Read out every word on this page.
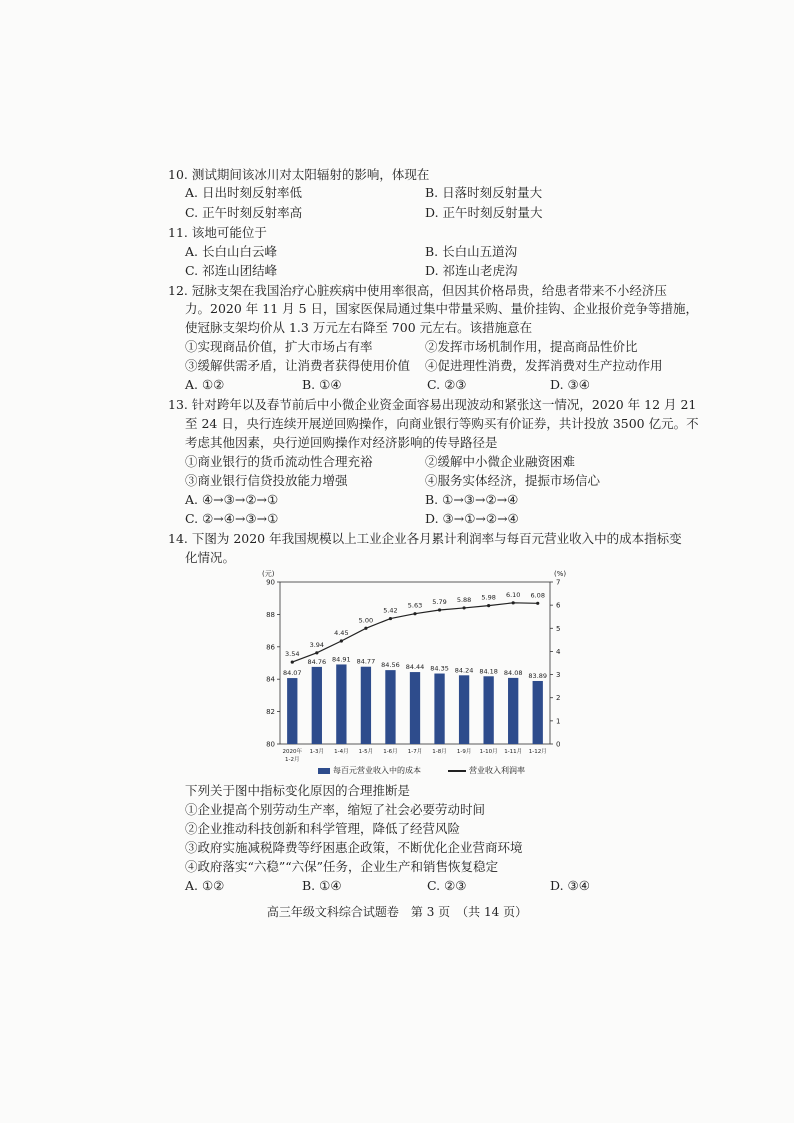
10. 测试期间该冰川对太阳辐射的影响，体现在
A. 日出时刻反射率低	B. 日落时刻反射量大
C. 正午时刻反射率高	D. 正午时刻反射量大
11. 该地可能位于
A. 长白山白云峰	B. 长白山五道沟
C. 祁连山团结峰	D. 祁连山老虎沟
12. 冠脉支架在我国治疗心脏疾病中使用率很高，但因其价格昂贵，给患者带来不小经济压
力。2020 年 11 月 5 日，国家医保局通过集中带量采购、量价挂钩、企业报价竞争等措施，
使冠脉支架均价从 1.3 万元左右降至 700 元左右。该措施意在
①实现商品价值，扩大市场占有率	②发挥市场机制作用，提高商品性价比
③缓解供需矛盾，让消费者获得使用价值 ④促进理性消费，发挥消费对生产拉动作用
A. ①②	B. ①④	C. ②③	D. ③④
13. 针对跨年以及春节前后中小微企业资金面容易出现波动和紧张这一情况，2020 年 12 月 21
至 24 日，央行连续开展逆回购操作，向商业银行等购买有价证券，共计投放 3500 亿元。不
考虑其他因素，央行逆回购操作对经济影响的传导路径是
①商业银行的货币流动性合理充裕	②缓解中小微企业融资困难
③商业银行信贷投放能力增强	④服务实体经济，提振市场信心
A. ④→③→②→①	B. ①→③→②→④
C. ②→④→③→①	D. ③→①→②→④
14. 下图为 2020 年我国规模以上工业企业各月累计利润率与每百元营业收入中的成本指标变
化情况。
(元)	(%)
80
82
84
86
88
90
0
1
2
3
4
5
6
7
84.07
84.76 84.91 84.77 84.56 84.44 84.35 84.24 84.18 84.08 83.89
3.54
3.94
4.45
5.00
5.42
5.63 5.79 5.88 5.98 6.10 6.08
2020年
1-2月
1-3月 1-4月 1-5月 1-6月 1-7月 1-8月 1-9月 1-10月 1-11月 1-12月
每百元营业收入中的成本	营业收入利润率
下列关于图中指标变化原因的合理推断是
①企业提高个别劳动生产率，缩短了社会必要劳动时间
②企业推动科技创新和科学管理，降低了经营风险
③政府实施减税降费等纾困惠企政策，不断优化企业营商环境
④政府落实“六稳”“六保”任务，企业生产和销售恢复稳定
A. ①②	B. ①④	C. ②③	D. ③④
高三年级文科综合试题卷　第 3 页　（共 14 页）
